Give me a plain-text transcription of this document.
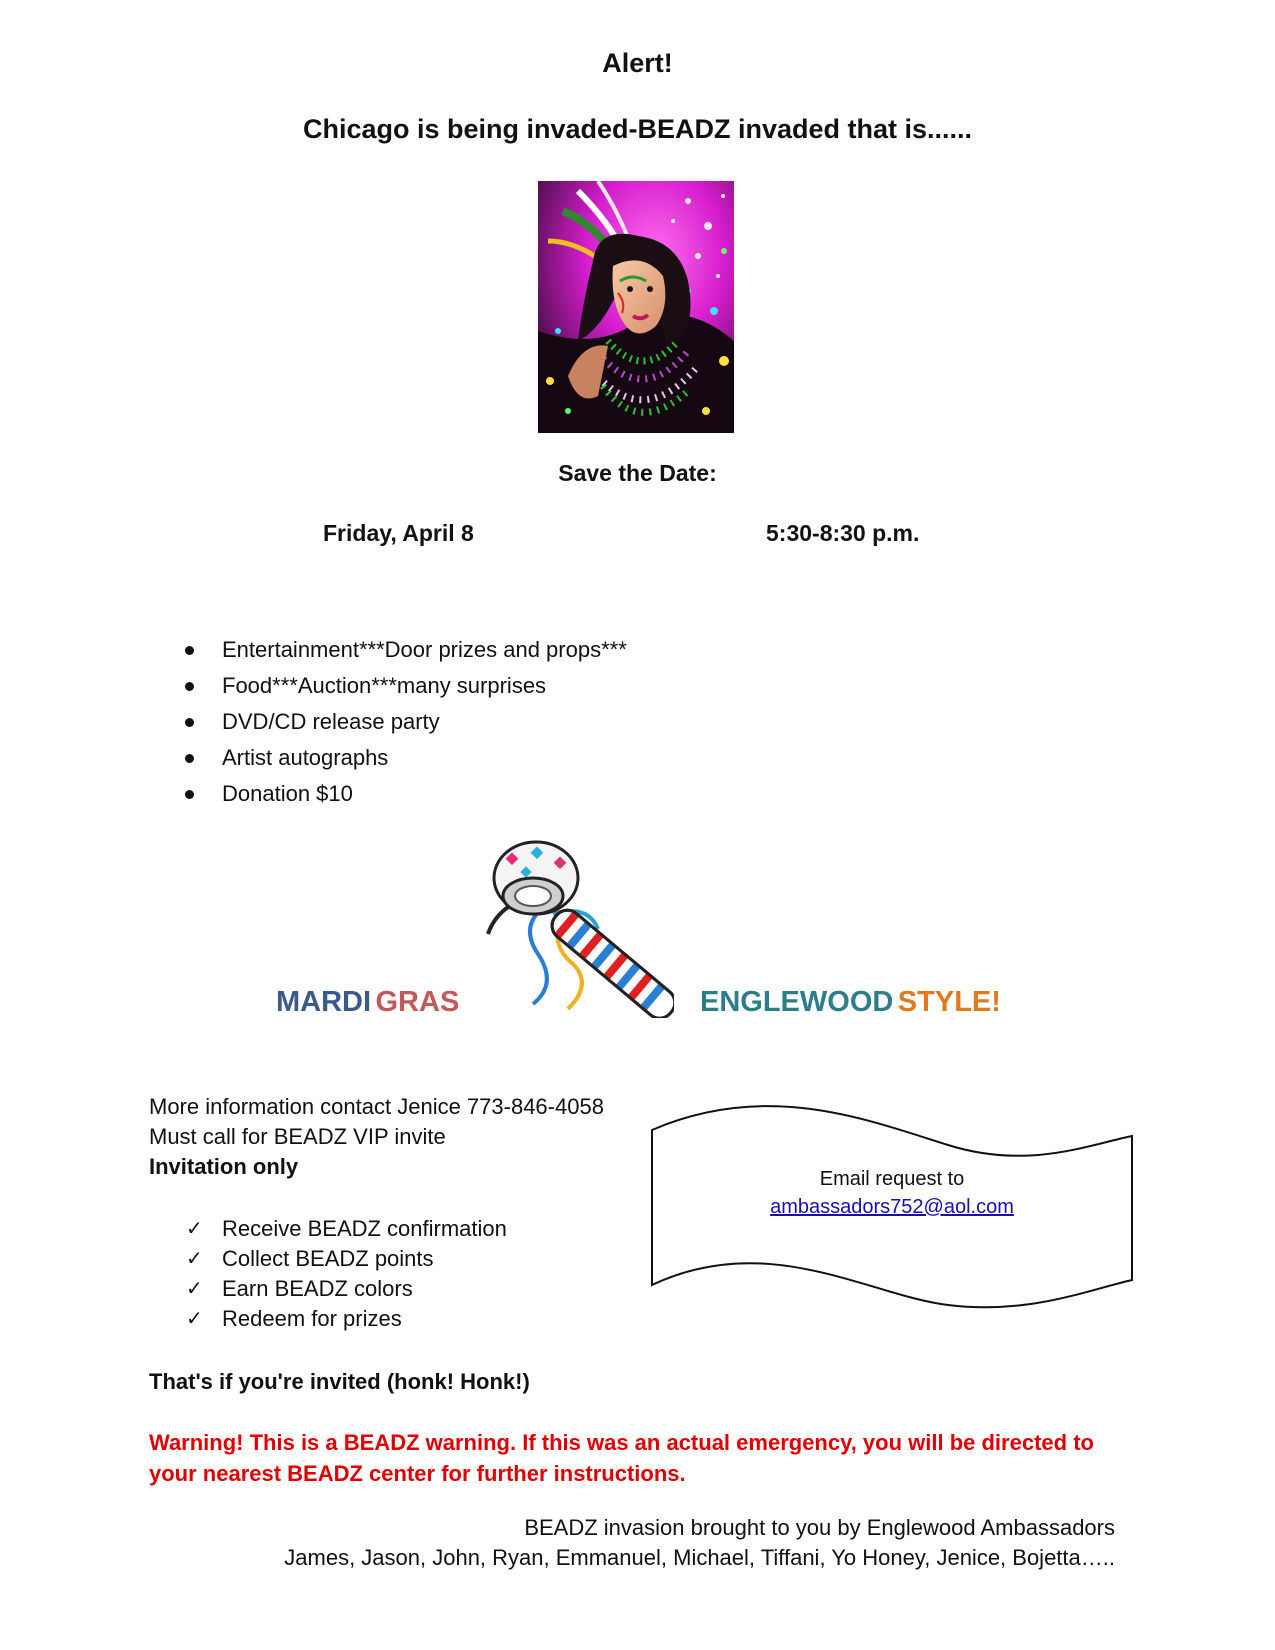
Alert!
Chicago is being invaded-BEADZ invaded that is......
Save the Date:
Friday, April 8	5:30-8:30 p.m.
Entertainment***Door prizes and props***
Food***Auction***many surprises
DVD/CD release party
Artist autographs
Donation $10
MARDI GRAS	ENGLEWOOD STYLE!
More information contact Jenice 773-846-4058
Must call for BEADZ VIP invite
Invitation only
✓ Receive BEADZ confirmation
✓ Collect BEADZ points
✓ Earn BEADZ colors
✓ Redeem for prizes
Email request to
ambassadors752@aol.com
That's if you're invited (honk! Honk!)
Warning! This is a BEADZ warning. If this was an actual emergency, you will be directed to
your nearest BEADZ center for further instructions.
BEADZ invasion brought to you by Englewood Ambassadors
James, Jason, John, Ryan, Emmanuel, Michael, Tiffani, Yo Honey, Jenice, Bojetta…..
